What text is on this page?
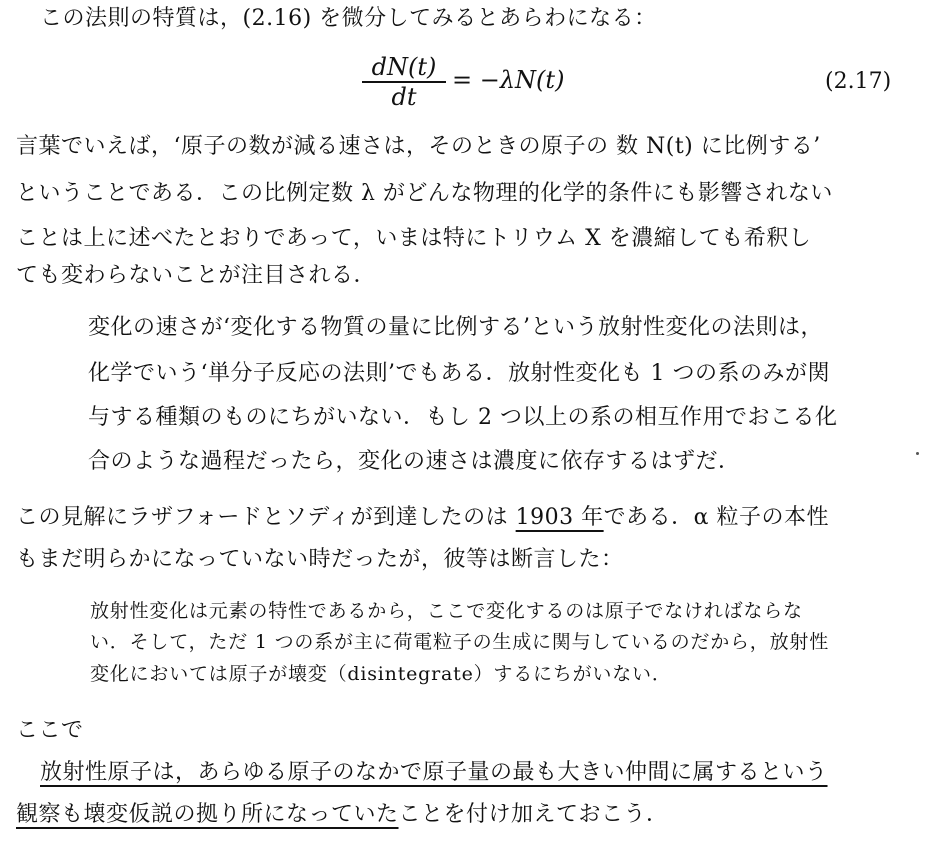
この法則の特質は，(2.16) を微分してみるとあらわになる：
dN(t)
dt
= −λN(t)	(2.17)
言葉でいえば，‘原子の数が減る速さは，そのときの原子の 数 N(t) に比例する’
ということである．この比例定数 λ がどんな物理的化学的条件にも影響されない
ことは上に述べたとおりであって，いまは特にトリウム X を濃縮しても希釈し
ても変わらないことが注目される．
変化の速さが‘変化する物質の量に比例する’という放射性変化の法則は，
化学でいう‘単分子反応の法則’でもある．放射性変化も 1 つの系のみが関
与する種類のものにちがいない．もし 2 つ以上の系の相互作用でおこる化
合のような過程だったら，変化の速さは濃度に依存するはずだ．
この見解にラザフォードとソディが到達したのは 1903 年である．α 粒子の本性
もまだ明らかになっていない時だったが，彼等は断言した：
放射性変化は元素の特性であるから，ここで変化するのは原子でなければならな
い．そして，ただ 1 つの系が主に荷電粒子の生成に関与しているのだから，放射性
変化においては原子が壊変（disintegrate）するにちがいない．
ここで
放射性原子は，あらゆる原子のなかで原子量の最も大きい仲間に属するという
観察も壊変仮説の拠り所になっていたことを付け加えておこう．
